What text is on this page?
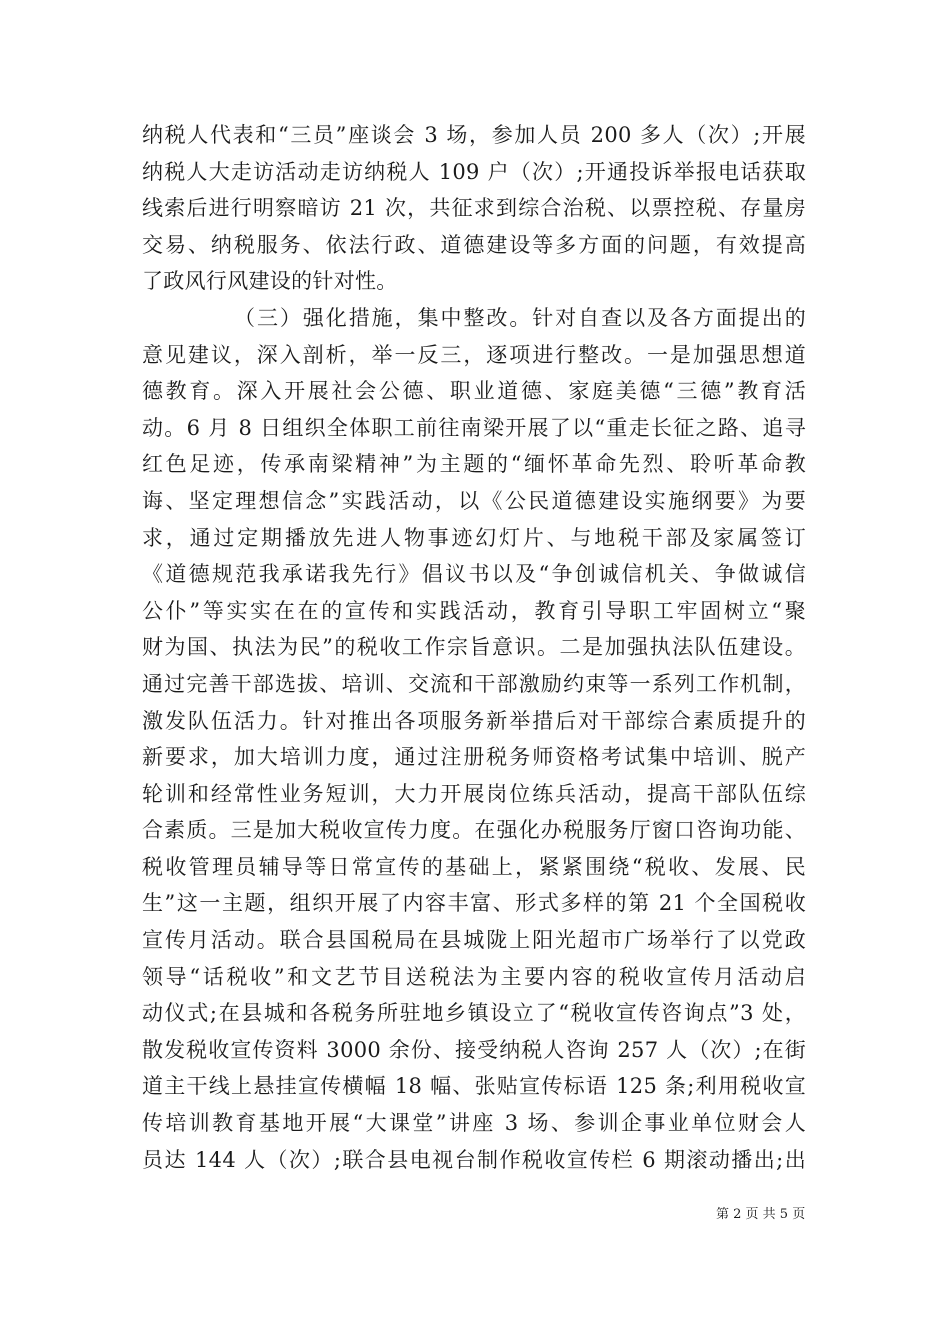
纳税人代表和“三员”座谈会 3 场，参加人员 200 多人（次）;开展
纳税人大走访活动走访纳税人 109 户（次）;开通投诉举报电话获取
线索后进行明察暗访 21 次，共征求到综合治税、以票控税、存量房
交易、纳税服务、依法行政、道德建设等多方面的问题，有效提高
了政风行风建设的针对性。
（三）强化措施，集中整改。针对自查以及各方面提出的
意见建议，深入剖析，举一反三，逐项进行整改。一是加强思想道
德教育。深入开展社会公德、职业道德、家庭美德“三德”教育活
动。6 月 8 日组织全体职工前往南梁开展了以“重走长征之路、追寻
红色足迹，传承南梁精神”为主题的“缅怀革命先烈、聆听革命教
诲、坚定理想信念”实践活动，以《公民道德建设实施纲要》为要
求，通过定期播放先进人物事迹幻灯片、与地税干部及家属签订
《道德规范我承诺我先行》倡议书以及“争创诚信机关、争做诚信
公仆”等实实在在的宣传和实践活动，教育引导职工牢固树立“聚
财为国、执法为民”的税收工作宗旨意识。二是加强执法队伍建设。
通过完善干部选拔、培训、交流和干部激励约束等一系列工作机制，
激发队伍活力。针对推出各项服务新举措后对干部综合素质提升的
新要求，加大培训力度，通过注册税务师资格考试集中培训、脱产
轮训和经常性业务短训，大力开展岗位练兵活动，提高干部队伍综
合素质。三是加大税收宣传力度。在强化办税服务厅窗口咨询功能、
税收管理员辅导等日常宣传的基础上，紧紧围绕“税收、发展、民
生”这一主题，组织开展了内容丰富、形式多样的第 21 个全国税收
宣传月活动。联合县国税局在县城陇上阳光超市广场举行了以党政
领导“话税收”和文艺节目送税法为主要内容的税收宣传月活动启
动仪式;在县城和各税务所驻地乡镇设立了“税收宣传咨询点”3 处，
散发税收宣传资料 3000 余份、接受纳税人咨询 257 人（次）;在街
道主干线上悬挂宣传横幅 18 幅、张贴宣传标语 125 条;利用税收宣
传培训教育基地开展“大课堂”讲座 3 场、参训企事业单位财会人
员达 144 人（次）;联合县电视台制作税收宣传栏 6 期滚动播出;出
第 2 页 共 5 页
